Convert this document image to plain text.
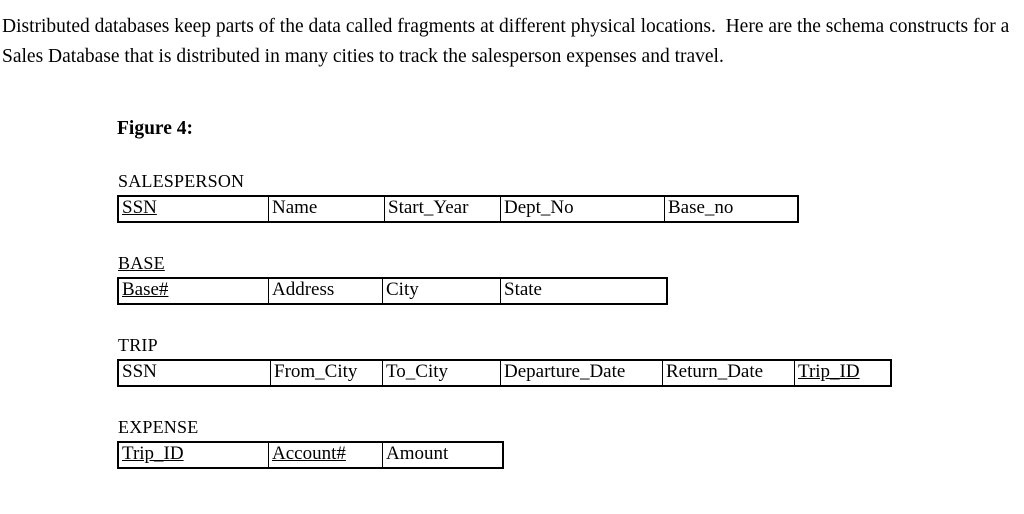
Distributed databases keep parts of the data called fragments at different physical locations.  Here are the schema constructs for a Sales Database that is distributed in many cities to track the salesperson expenses and travel.

Figure 4:
SALESPERSON
SSN	Name	Start_Year	Dept_No	Base_no
BASE
Base#	Address	City	State
TRIP
SSN	From_City	To_City	Departure_Date	Return_Date	Trip_ID
EXPENSE
Trip_ID	Account#	Amount
